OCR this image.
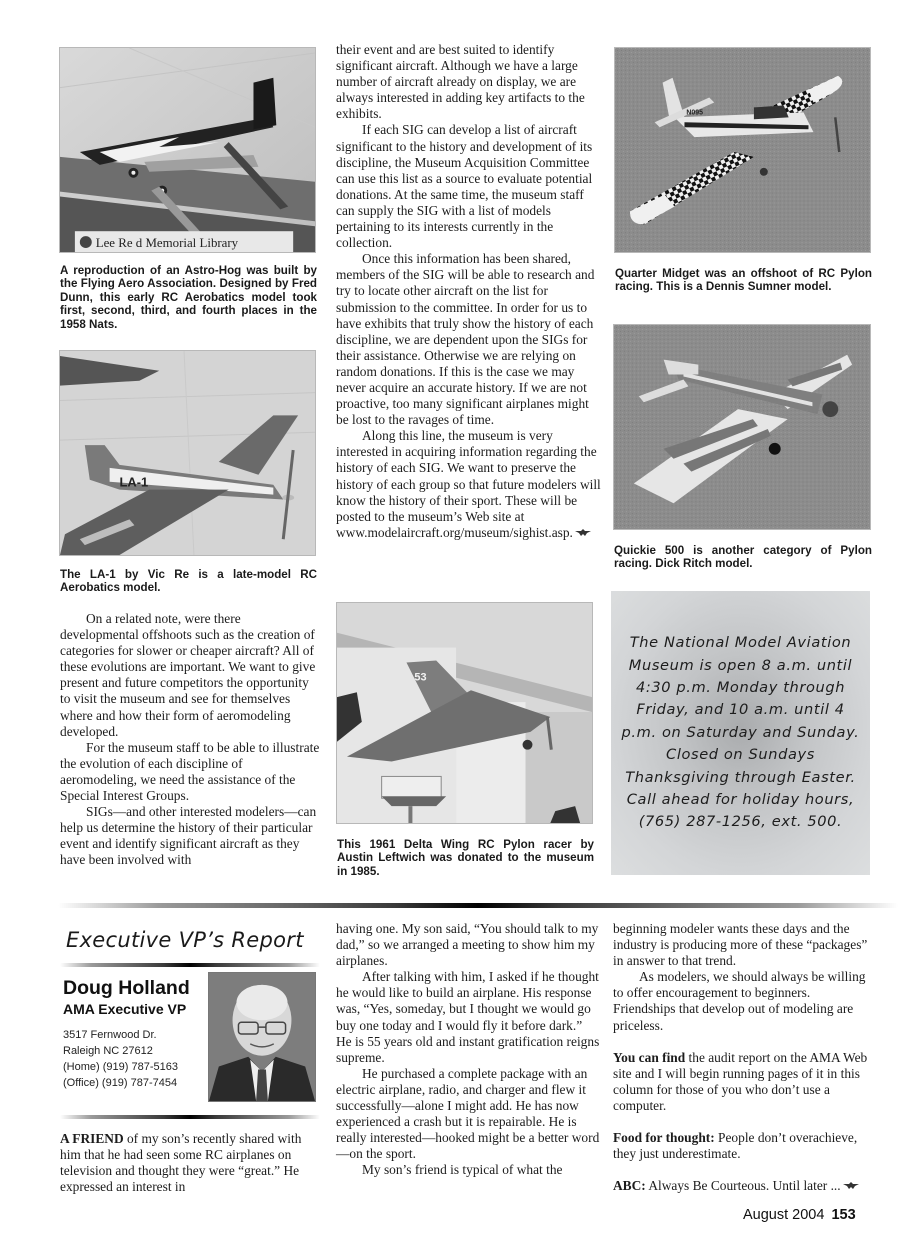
Lee Re d Memorial Library
A reproduction of an Astro-Hog was built by the Flying Aero Association. Designed by Fred Dunn, this early RC Aerobatics model took first, second, third, and fourth places in the 1958 Nats.
LA-1
The LA-1 by Vic Re is a late-model RC Aerobatics model.

On a related note, were there developmental offshoots such as the creation of categories for slower or cheaper aircraft? All of these evolutions are important. We want to give present and future competitors the opportunity to visit the museum and see for themselves where and how their form of aeromodeling developed.

For the museum staff to be able to illustrate the evolution of each discipline of aeromodeling, we need the assistance of the Special Interest Groups.

SIGs—and other interested modelers—can help us determine the history of their particular event and identify significant aircraft as they have been involved with

their event and are best suited to identify significant aircraft. Although we have a large number of aircraft already on display, we are always interested in adding key artifacts to the exhibits.

If each SIG can develop a list of aircraft significant to the history and development of its discipline, the Museum Acquisition Committee can use this list as a source to evaluate potential donations. At the same time, the museum staff can supply the SIG with a list of models pertaining to its interests currently in the collection.

Once this information has been shared, members of the SIG will be able to research and try to locate other aircraft on the list for submission to the committee. In order for us to have exhibits that truly show the history of each discipline, we are dependent upon the SIGs for their assistance. Otherwise we are relying on random donations. If this is the case we may never acquire an accurate history. If we are not proactive, too many significant airplanes might be lost to the ravages of time.

Along this line, the museum is very interested in acquiring information regarding the history of each SIG. We want to preserve the history of each group so that future modelers will know the history of their sport. These will be posted to the museum’s Web site at www.modelaircraft.org/museum/sighist.asp.

53
This 1961 Delta Wing RC Pylon racer by Austin Leftwich was donated to the museum in 1985.
N095
Quarter Midget was an offshoot of RC Pylon racing. This is a Dennis Sumner model.
Quickie 500 is another category of Pylon racing. Dick Ritch model.
The National Model Aviation Museum is open 8 a.m. until 4:30 p.m. Monday through Friday, and 10 a.m. until 4 p.m. on Saturday and Sunday. Closed on Sundays Thanksgiving through Easter. Call ahead for holiday hours, (765) 287-1256, ext. 500.
Executive VP’s Report
Doug Holland
AMA Executive VP
3517 Fernwood Dr.
Raleigh NC 27612
(Home) (919) 787-5163
(Office) (919) 787-7454

A FRIEND of my son’s recently shared with him that he had seen some RC airplanes on television and thought they were “great.” He expressed an interest in

having one. My son said, “You should talk to my dad,” so we arranged a meeting to show him my airplanes.

After talking with him, I asked if he thought he would like to build an airplane. His response was, “Yes, someday, but I thought we would go buy one today and I would fly it before dark.” He is 55 years old and instant gratification reigns supreme.

He purchased a complete package with an electric airplane, radio, and charger and flew it successfully—alone I might add. He has now experienced a crash but it is repairable. He is really interested—hooked might be a better word—on the sport.

My son’s friend is typical of what the

beginning modeler wants these days and the industry is producing more of these “packages” in answer to that trend.

As modelers, we should always be willing to offer encouragement to beginners. Friendships that develop out of modeling are priceless.

You can find the audit report on the AMA Web site and I will begin running pages of it in this column for those of you who don’t use a computer.

Food for thought: People don’t overachieve, they just underestimate.

ABC: Always Be Courteous. Until later ...

August 2004 153
